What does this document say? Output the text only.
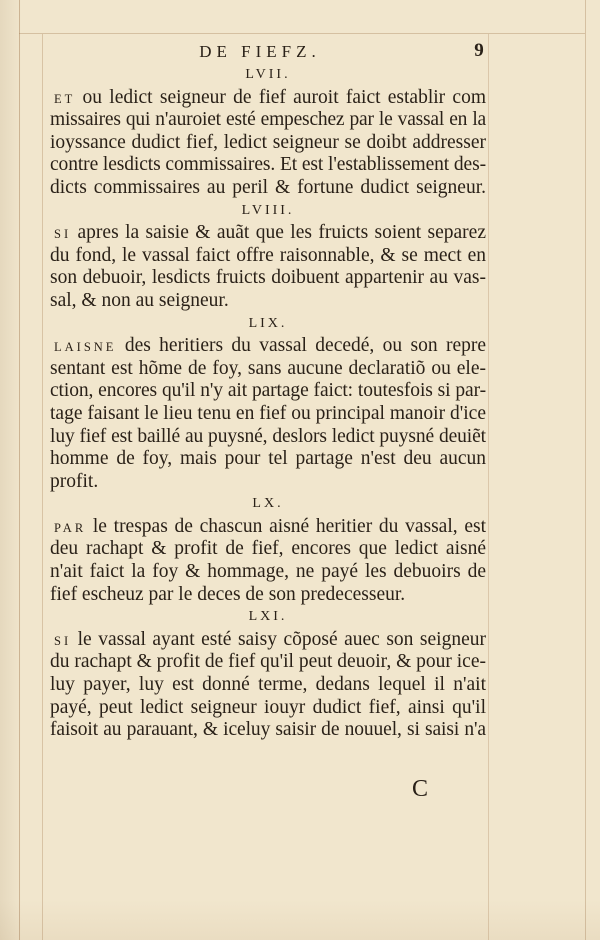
DE FIEFZ.	9
LVII.
ET ou ledict seigneur de fief auroit faict establir com
missaires qui n'auroiet esté empeschez par le vassal en la
ioyssance dudict fief, ledict seigneur se doibt addresser
contre lesdicts commissaires. Et est l'establissement des-
dicts commissaires au peril & fortune dudict seigneur.
LVIII.
SI apres la saisie & auãt que les fruicts soient separez
du fond, le vassal faict offre raisonnable, & se mect en
son debuoir, lesdicts fruicts doibuent appartenir au vas-
sal, & non au seigneur.
LIX.
LAISNE des heritiers du vassal decedé, ou son repre
sentant est hõme de foy, sans aucune declaratiõ ou ele-
ction, encores qu'il n'y ait partage faict: toutesfois si par-
tage faisant le lieu tenu en fief ou principal manoir d'ice
luy fief est baillé au puysné, deslors ledict puysné deuiẽt
homme de foy, mais pour tel partage n'est deu aucun
profit.
LX.
PAR le trespas de chascun aisné heritier du vassal, est
deu rachapt & profit de fief, encores que ledict aisné
n'ait faict la foy & hommage, ne payé les debuoirs de
fief escheuz par le deces de son predecesseur.
LXI.
SI le vassal ayant esté saisy cõposé auec son seigneur
du rachapt & profit de fief qu'il peut deuoir, & pour ice-
luy payer, luy est donné terme, dedans lequel il n'ait
payé, peut ledict seigneur iouyr dudict fief, ainsi qu'il
faisoit au parauant, & iceluy saisir de nouuel, si saisi n'a
C
